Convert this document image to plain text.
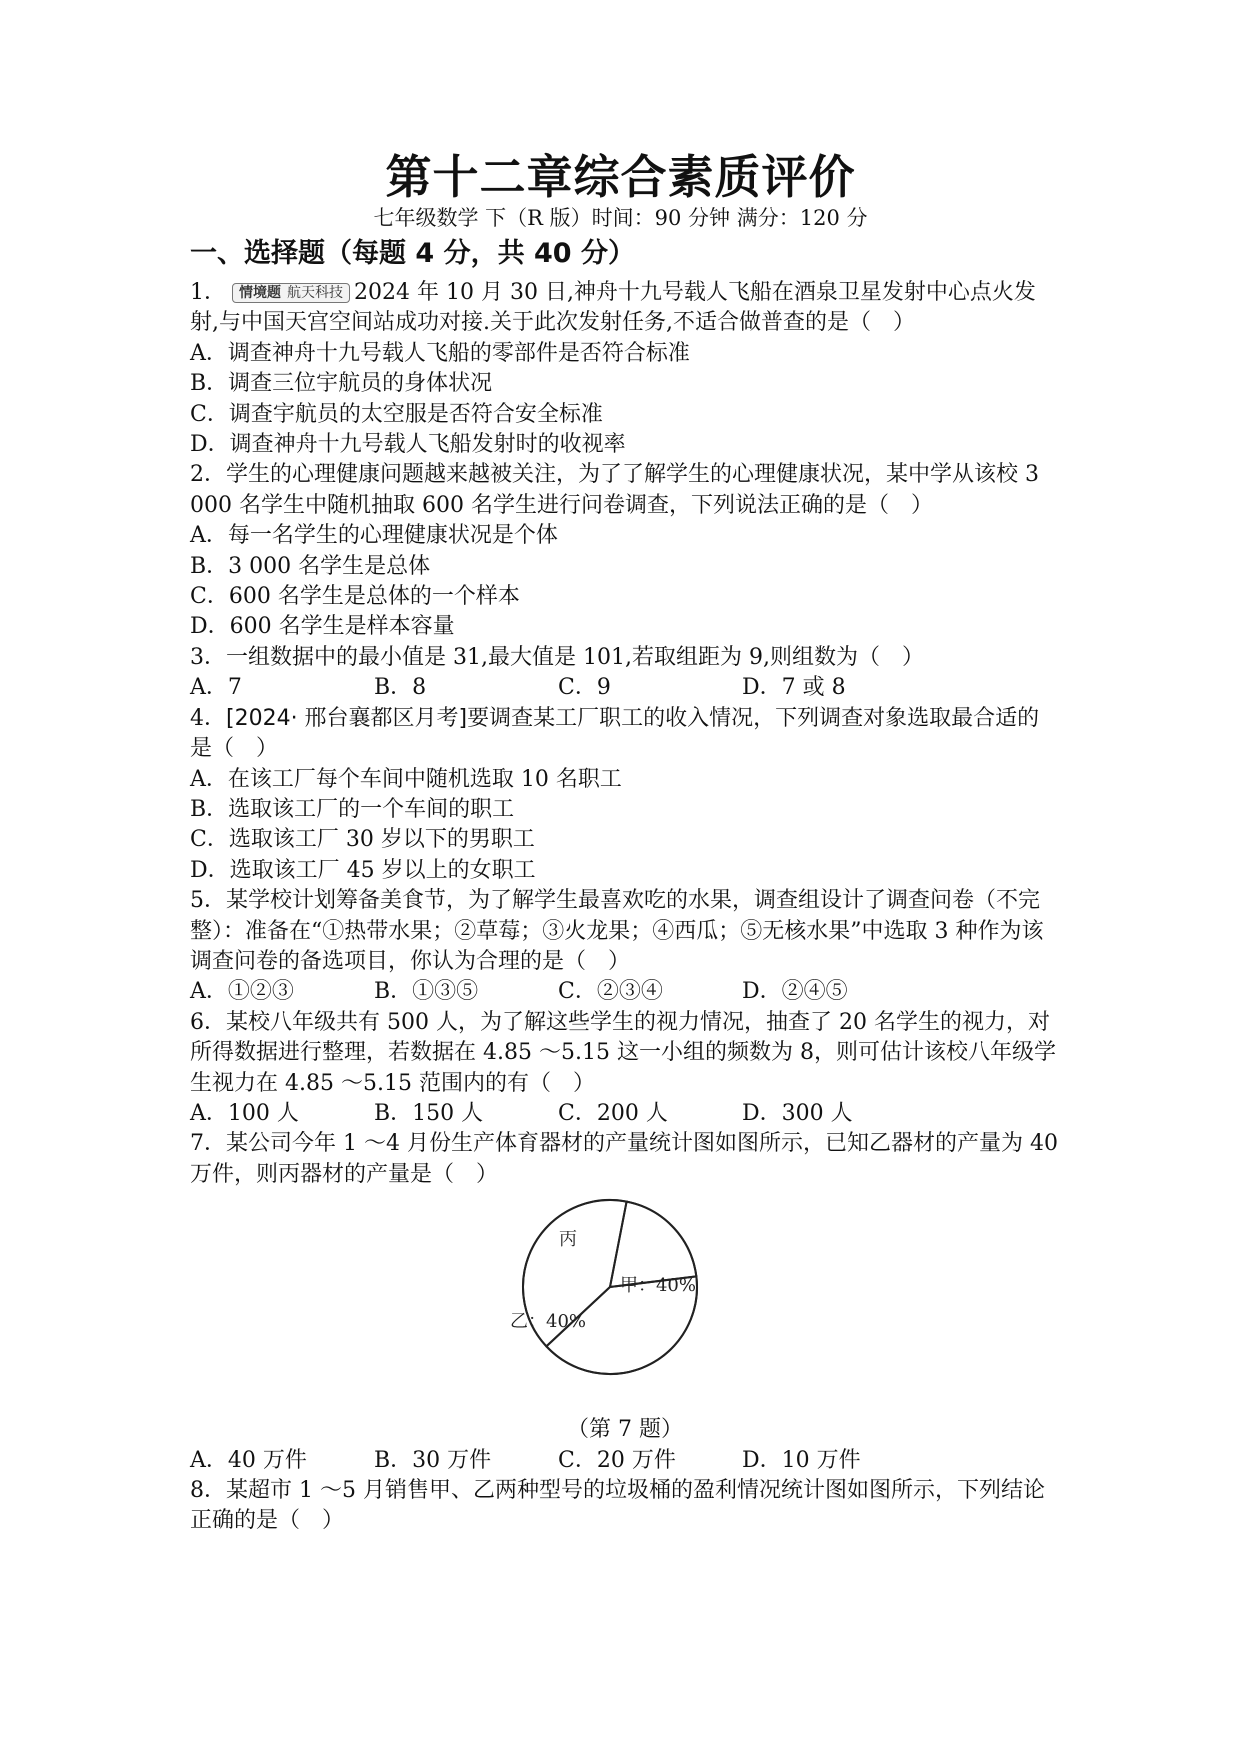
第十二章综合素质评价
七年级数学 下（R 版）时间：90 分钟 满分：120 分
一、选择题（每题 4 分，共 40 分）

1． 情境题 航天科技 2024 年 10 月 30 日,神舟十九号载人飞船在酒泉卫星发射中心点火发射,与中国天宫空间站成功对接.关于此次发射任务,不适合做普查的是（　）

A．调查神舟十九号载人飞船的零部件是否符合标准

B．调查三位宇航员的身体状况

C．调查宇航员的太空服是否符合安全标准

D．调查神舟十九号载人飞船发射时的收视率

2．学生的心理健康问题越来越被关注，为了了解学生的心理健康状况，某中学从该校 3 000 名学生中随机抽取 600 名学生进行问卷调查，下列说法正确的是（　）

A．每一名学生的心理健康状况是个体

B．3 000 名学生是总体

C．600 名学生是总体的一个样本

D．600 名学生是样本容量

3．一组数据中的最小值是 31,最大值是 101,若取组距为 9,则组数为（　）

A．7	B．8	C．9	D．7 或 8

4．[2024· 邢台襄都区月考]要调查某工厂职工的收入情况，下列调查对象选取最合适的是（　）

A．在该工厂每个车间中随机选取 10 名职工

B．选取该工厂的一个车间的职工

C．选取该工厂 30 岁以下的男职工

D．选取该工厂 45 岁以上的女职工

5．某学校计划筹备美食节，为了解学生最喜欢吃的水果，调查组设计了调查问卷（不完整）：准备在“①热带水果；②草莓；③火龙果；④西瓜；⑤无核水果”中选取 3 种作为该调查问卷的备选项目，你认为合理的是（　）

A．①②③	B．①③⑤	C．②③④	D．②④⑤

6．某校八年级共有 500 人，为了解这些学生的视力情况，抽查了 20 名学生的视力，对所得数据进行整理，若数据在 4.85 ～5.15 这一小组的频数为 8，则可估计该校八年级学生视力在 4.85 ～5.15 范围内的有（　）

A．100 人	B．150 人	C．200 人	D．300 人

7．某公司今年 1 ～4 月份生产体育器材的产量统计图如图所示，已知乙器材的产量为 40 万件，则丙器材的产量是（　）

甲：40%
乙：40%
丙

（第 7 题）

A．40 万件	B．30 万件	C．20 万件	D．10 万件

8．某超市 1 ～5 月销售甲、乙两种型号的垃圾桶的盈利情况统计图如图所示，下列结论正确的是（　）
